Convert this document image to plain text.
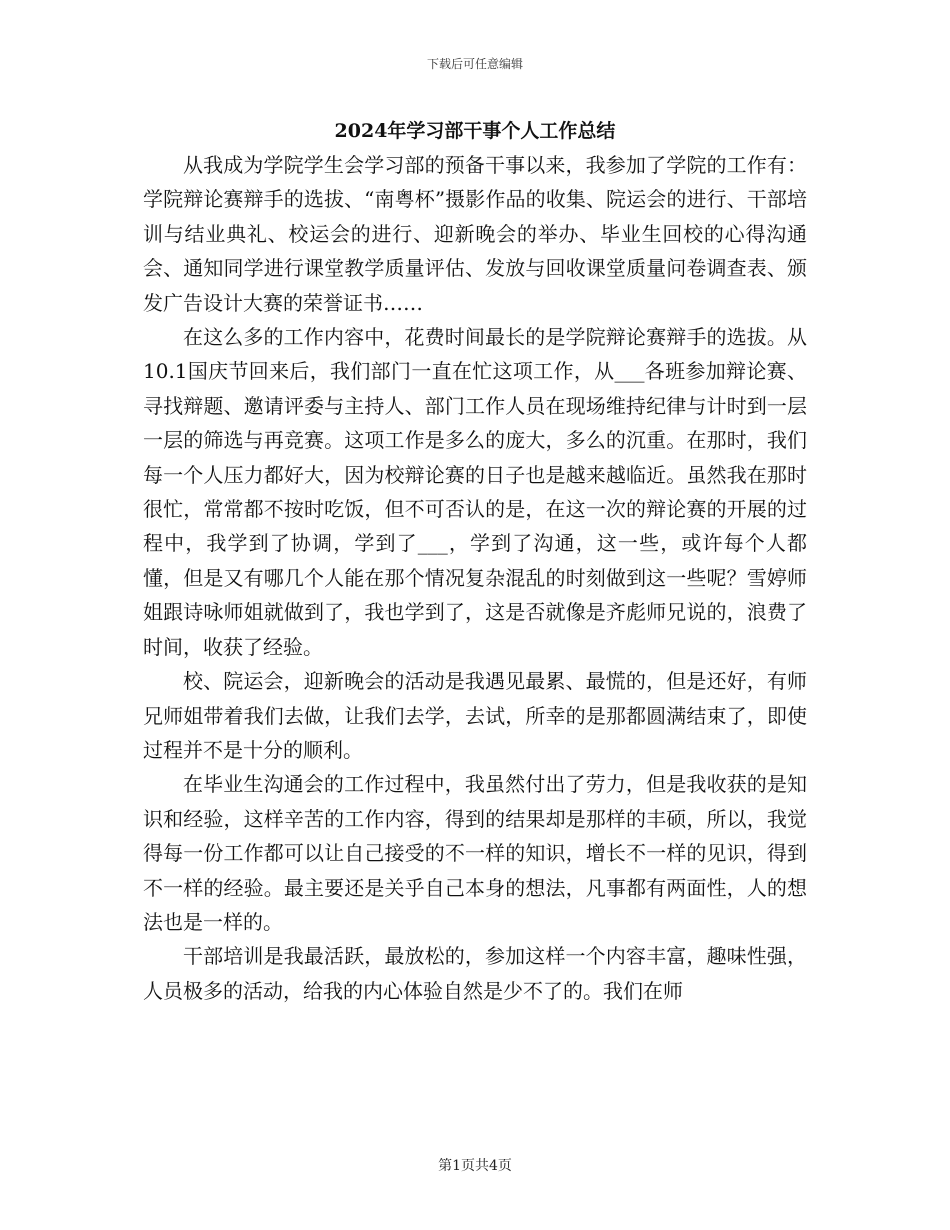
下载后可任意编辑
2024年学习部干事个人工作总结

从我成为学院学生会学习部的预备干事以来，我参加了学院的工作有：学院辩论赛辩手的选拔、“南粤杯”摄影作品的收集、院运会的进行、干部培训与结业典礼、校运会的进行、迎新晚会的举办、毕业生回校的心得沟通会、通知同学进行课堂教学质量评估、发放与回收课堂质量问卷调查表、颁发广告设计大赛的荣誉证书……

在这么多的工作内容中，花费时间最长的是学院辩论赛辩手的选拔。从10.1国庆节回来后，我们部门一直在忙这项工作，从___各班参加辩论赛、寻找辩题、邀请评委与主持人、部门工作人员在现场维持纪律与计时到一层一层的筛选与再竞赛。这项工作是多么的庞大，多么的沉重。在那时，我们每一个人压力都好大，因为校辩论赛的日子也是越来越临近。虽然我在那时很忙，常常都不按时吃饭，但不可否认的是，在这一次的辩论赛的开展的过程中，我学到了协调，学到了___，学到了沟通，这一些，或许每个人都懂，但是又有哪几个人能在那个情况复杂混乱的时刻做到这一些呢？雪婷师姐跟诗咏师姐就做到了，我也学到了，这是否就像是齐彪师兄说的，浪费了时间，收获了经验。

校、院运会，迎新晚会的活动是我遇见最累、最慌的，但是还好，有师兄师姐带着我们去做，让我们去学，去试，所幸的是那都圆满结束了，即使过程并不是十分的顺利。

在毕业生沟通会的工作过程中，我虽然付出了劳力，但是我收获的是知识和经验，这样辛苦的工作内容，得到的结果却是那样的丰硕，所以，我觉得每一份工作都可以让自己接受的不一样的知识，增长不一样的见识，得到不一样的经验。最主要还是关乎自己本身的想法，凡事都有两面性，人的想法也是一样的。

干部培训是我最活跃，最放松的，参加这样一个内容丰富，趣味性强，人员极多的活动，给我的内心体验自然是少不了的。我们在师

第1页共4页
